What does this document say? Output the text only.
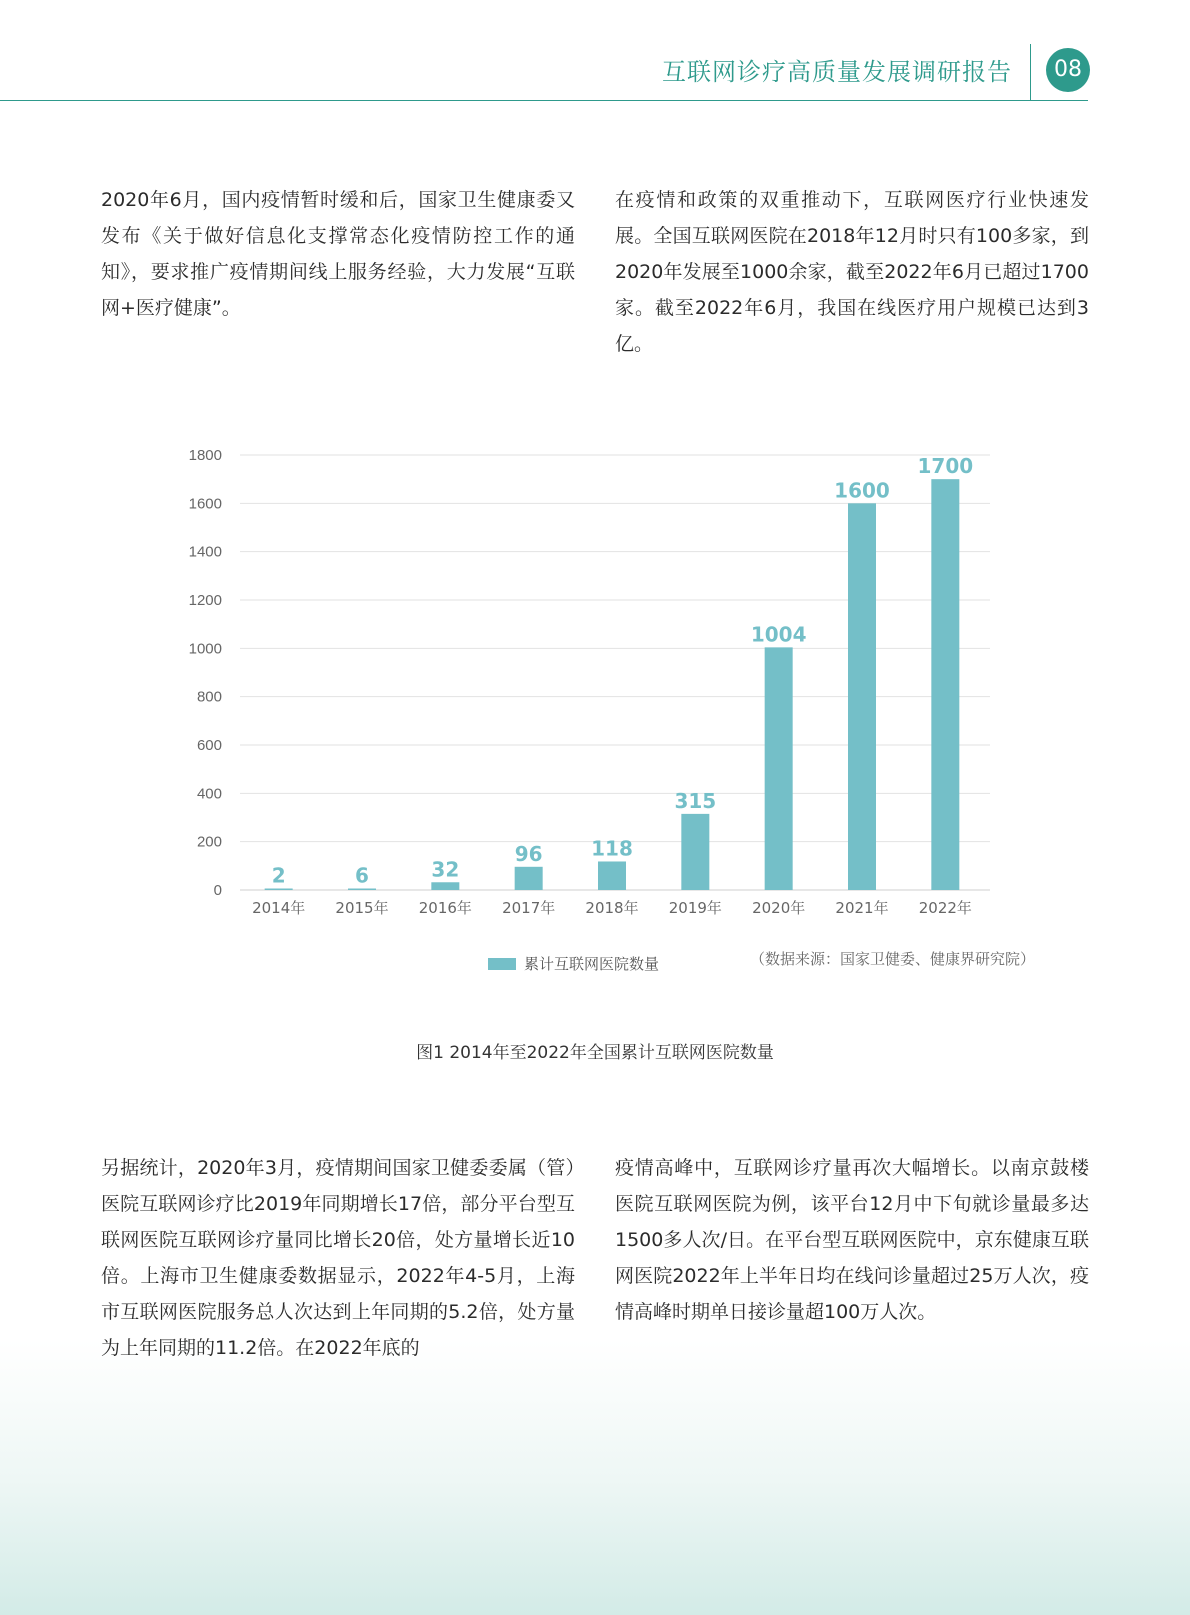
互联网诊疗高质量发展调研报告	08

2020年6月，国内疫情暂时缓和后，国家卫生健康委又发布《关于做好信息化支撑常态化疫情防控工作的通知》，要求推广疫情期间线上服务经验，大力发展“互联网+医疗健康”。

在疫情和政策的双重推动下，互联网医疗行业快速发展。全国互联网医院在2018年12月时只有100多家，到2020年发展至1000余家，截至2022年6月已超过1700家。截至2022年6月，我国在线医疗用户规模已达到3亿。

0
200
400
600
800
1000
1200
1400
1600
1800
2
2014年
6
2015年
32
2016年
96
2017年
118
2018年
315
2019年
1004
2020年
1600
2021年
1700
2022年
累计互联网医院数量	（数据来源：国家卫健委、健康界研究院）
图1 2014年至2022年全国累计互联网医院数量

另据统计，2020年3月，疫情期间国家卫健委委属（管）医院互联网诊疗比2019年同期增长17倍，部分平台型互联网医院互联网诊疗量同比增长20倍，处方量增长近10倍。上海市卫生健康委数据显示，2022年4-5月，上海市互联网医院服务总人次达到上年同期的5.2倍，处方量为上年同期的11.2倍。在2022年底的

疫情高峰中，互联网诊疗量再次大幅增长。以南京鼓楼医院互联网医院为例，该平台12月中下旬就诊量最多达1500多人次/日。在平台型互联网医院中，京东健康互联网医院2022年上半年日均在线问诊量超过25万人次，疫情高峰时期单日接诊量超100万人次。
